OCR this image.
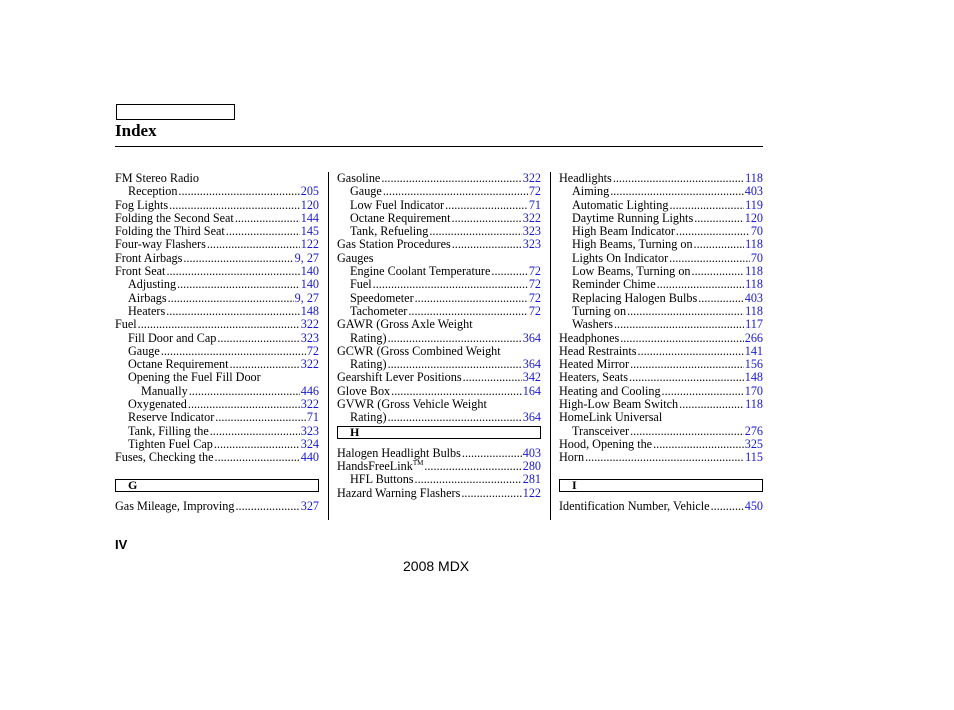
Index
FM Stereo Radio
Reception .....	205
Fog Lights .....	120
Folding the Second Seat .....	144
Folding the Third Seat .....	145
Four-way Flashers .....	122
Front Airbags .....	9, 27
Front Seat .....	140
Adjusting .....	140
Airbags .....	9, 27
Heaters .....	148
Fuel .....	322
Fill Door and Cap .....	323
Gauge .....	72
Octane Requirement .....	322
Opening the Fuel Fill Door
Manually .....	446
Oxygenated .....	322
Reserve Indicator .....	71
Tank, Filling the .....	323
Tighten Fuel Cap .....	324
Fuses, Checking the .....	440
G
Gas Mileage, Improving .....	327
Gasoline .....	322
Gauge .....	72
Low Fuel Indicator .....	71
Octane Requirement .....	322
Tank, Refueling .....	323
Gas Station Procedures .....	323
Gauges
Engine Coolant Temperature .....	72
Fuel .....	72
Speedometer .....	72
Tachometer .....	72
GAWR (Gross Axle Weight
Rating) .....	364
GCWR (Gross Combined Weight
Rating) .....	364
Gearshift Lever Positions .....	342
Glove Box .....	164
GVWR (Gross Vehicle Weight
Rating) .....	364
H
Halogen Headlight Bulbs .....	403
HandsFreeLink™ .....	280
HFL Buttons .....	281
Hazard Warning Flashers .....	122
Headlights .....	118
Aiming .....	403
Automatic Lighting .....	119
Daytime Running Lights .....	120
High Beam Indicator .....	70
High Beams, Turning on .....	118
Lights On Indicator .....	70
Low Beams, Turning on .....	118
Reminder Chime .....	118
Replacing Halogen Bulbs .....	403
Turning on .....	118
Washers .....	117
Headphones .....	266
Head Restraints .....	141
Heated Mirror .....	156
Heaters, Seats .....	148
Heating and Cooling .....	170
High-Low Beam Switch .....	118
HomeLink Universal
Transceiver .....	276
Hood, Opening the .....	325
Horn .....	115
I
Identification Number, Vehicle .....	450
IV
2008 MDX
